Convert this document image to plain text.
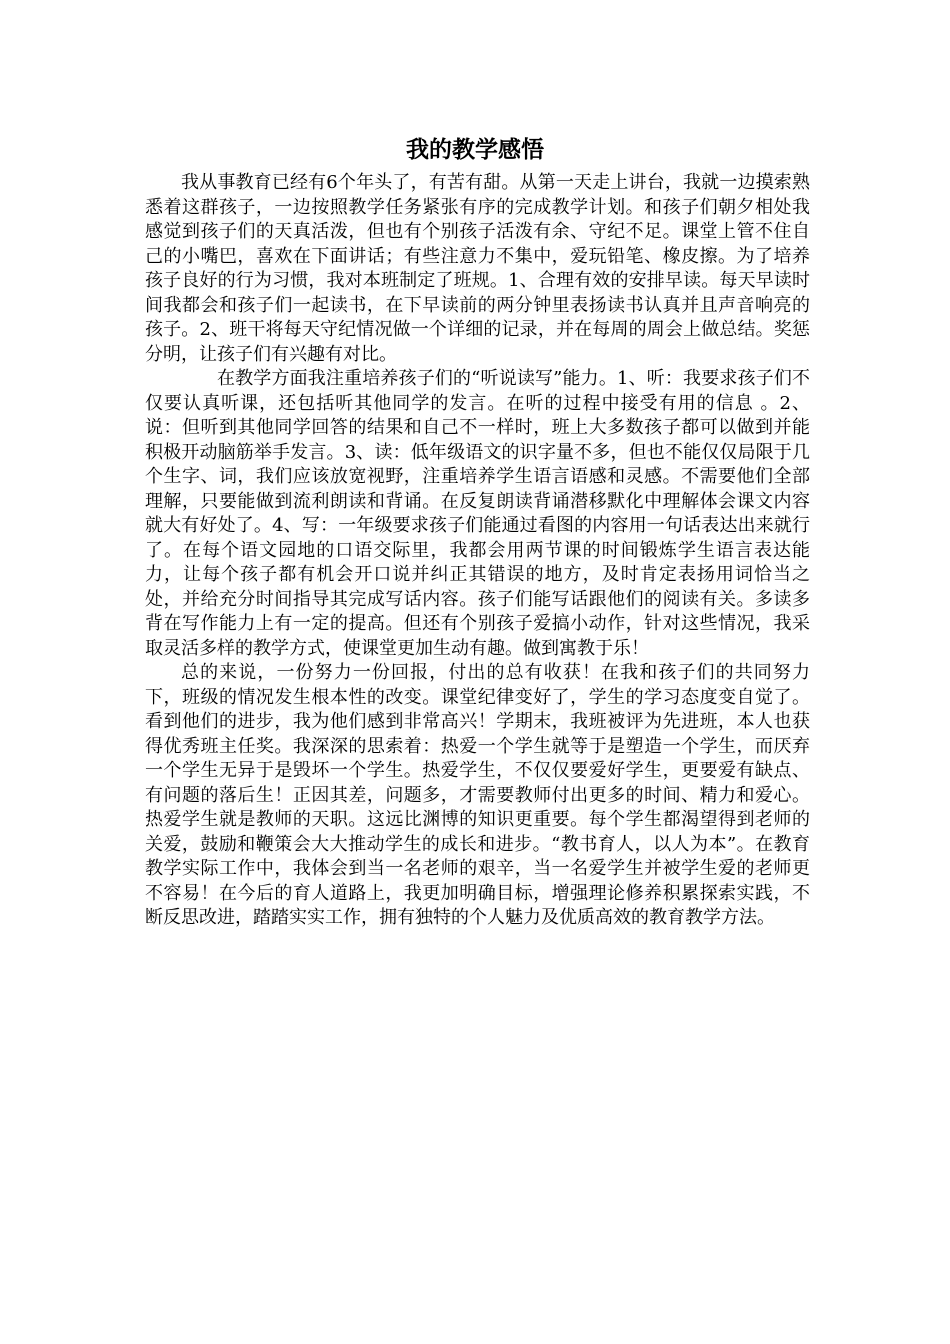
我的教学感悟

我从事教育已经有6个年头了，有苦有甜。从第一天走上讲台，我就一边摸索熟悉着这群孩子，一边按照教学任务紧张有序的完成教学计划。和孩子们朝夕相处我感觉到孩子们的天真活泼，但也有个别孩子活泼有余、守纪不足。课堂上管不住自己的小嘴巴，喜欢在下面讲话；有些注意力不集中，爱玩铅笔、橡皮擦。为了培养孩子良好的行为习惯，我对本班制定了班规。1、合理有效的安排早读。每天早读时间我都会和孩子们一起读书，在下早读前的两分钟里表扬读书认真并且声音响亮的孩子。2、班干将每天守纪情况做一个详细的记录，并在每周的周会上做总结。奖惩分明，让孩子们有兴趣有对比。

在教学方面我注重培养孩子们的“听说读写”能力。1、听：我要求孩子们不仅要认真听课，还包括听其他同学的发言。在听的过程中接受有用的信息 。2、说：但听到其他同学回答的结果和自己不一样时，班上大多数孩子都可以做到并能积极开动脑筋举手发言。3、读：低年级语文的识字量不多，但也不能仅仅局限于几个生字、词，我们应该放宽视野，注重培养学生语言语感和灵感。不需要他们全部理解，只要能做到流利朗读和背诵。在反复朗读背诵潜移默化中理解体会课文内容就大有好处了。4、写：一年级要求孩子们能通过看图的内容用一句话表达出来就行了。在每个语文园地的口语交际里，我都会用两节课的时间锻炼学生语言表达能力，让每个孩子都有机会开口说并纠正其错误的地方，及时肯定表扬用词恰当之处，并给充分时间指导其完成写话内容。孩子们能写话跟他们的阅读有关。多读多背在写作能力上有一定的提高。但还有个别孩子爱搞小动作，针对这些情况，我采取灵活多样的教学方式，使课堂更加生动有趣。做到寓教于乐！

总的来说，一份努力一份回报，付出的总有收获！在我和孩子们的共同努力下，班级的情况发生根本性的改变。课堂纪律变好了，学生的学习态度变自觉了。看到他们的进步，我为他们感到非常高兴！学期末，我班被评为先进班，本人也获得优秀班主任奖。我深深的思索着：热爱一个学生就等于是塑造一个学生，而厌弃一个学生无异于是毁坏一个学生。热爱学生，不仅仅要爱好学生，更要爱有缺点、有问题的落后生！正因其差，问题多，才需要教师付出更多的时间、精力和爱心。热爱学生就是教师的天职。这远比渊博的知识更重要。每个学生都渴望得到老师的关爱，鼓励和鞭策会大大推动学生的成长和进步。“教书育人，以人为本”。在教育教学实际工作中，我体会到当一名老师的艰辛，当一名爱学生并被学生爱的老师更不容易！在今后的育人道路上，我更加明确目标，增强理论修养积累探索实践，不断反思改进，踏踏实实工作，拥有独特的个人魅力及优质高效的教育教学方法。
